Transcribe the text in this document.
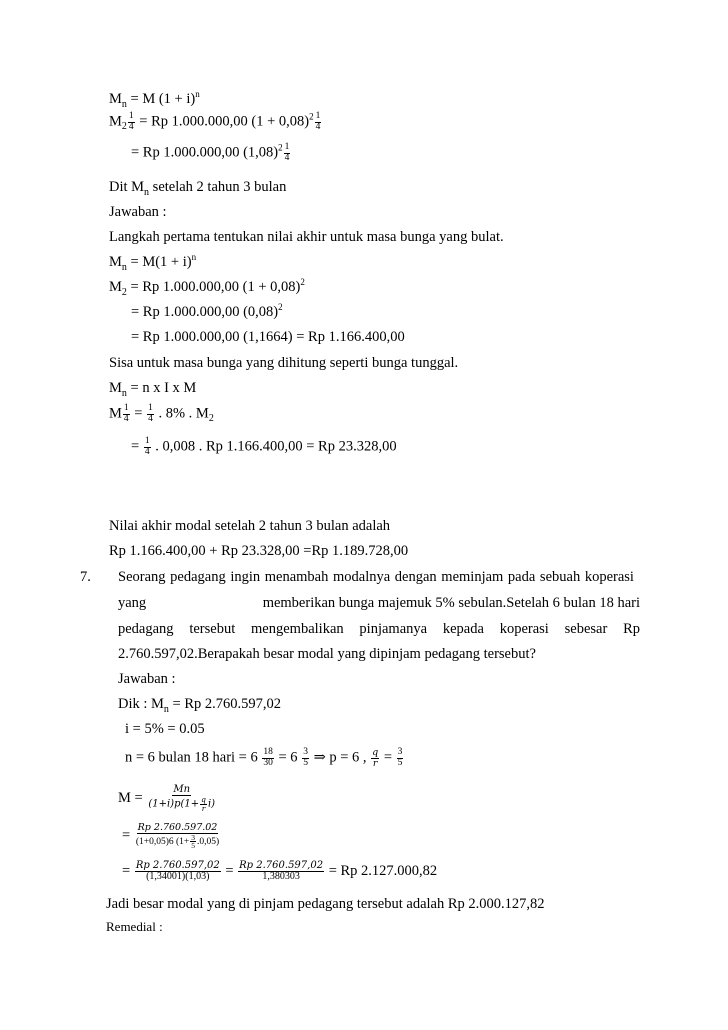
$M_n = M$ $(1 + i)^n$
$M_2 \frac{1}{4} = Rp$ 1.000.000,00 $(1 + 0,08)^2 \frac{1}{4}$
= Rp 1.000.000,00 $(1,08)^2 \frac{1}{4}$
Dit $M_n$ setelah 2 tahun 3 bulan
Jawaban :
Langkah pertama tentukan nilai akhir untuk masa bunga yang bulat.
$M_n = M(1 + i)^n$
$M_2 = Rp$ 1.000.000,00 $(1 + 0,08)^2$
= Rp 1.000.000,00 $(0,08)^2$
= Rp 1.000.000,00 (1,1664) = Rp 1.166.400,00
Sisa untuk masa bunga yang dihitung seperti bunga tunggal.
$M_n = n$ x I x M
M $\frac{1}{4} = \frac{1}{4}$ . 8% . $M_2$
= $\frac{1}{4}$ . 0,008 . Rp 1.166.400,00 = Rp 23.328,00
Nilai akhir modal setelah 2 tahun 3 bulan adalah
Rp 1.166.400,00 + Rp 23.328,00 =Rp 1.189.728,00
7. Seorang pedagang ingin menambah modalnya dengan meminjam pada sebuah koperasi
yang	memberikan bunga majemuk 5% sebulan.Setelah 6 bulan 18 hari
pedagang tersebut mengembalikan pinjamanya kepada koperasi sebesar Rp
2.760.597,02.Berapakah besar modal yang dipinjam pedagang tersebut?
Jawaban :
Dik : $M_n = Rp$ 2.760.597,02
i = 5% = 0.05
n = 6 bulan 18 hari = $6 \frac{18}{30} = 6 \frac{3}{5}$ ⇒ p = 6 , $\frac{q}{r} = \frac{3}{5}$
M =
Mn
$(1+i)p(1+ \frac{q}{r} i)$
= $\frac{Rp 2.760.597.02}{(1+0,05)6 (1+ \frac{3}{5} .0,05)}$
= $\frac{Rp 2.760.597,02}{(1,34001)(1,03)} = \frac{Rp 2.760.597,02}{1,380303} = Rp$ 2.127.000,82
Jadi besar modal yang di pinjam pedagang tersebut adalah Rp 2.000.127,82
Remedial :
